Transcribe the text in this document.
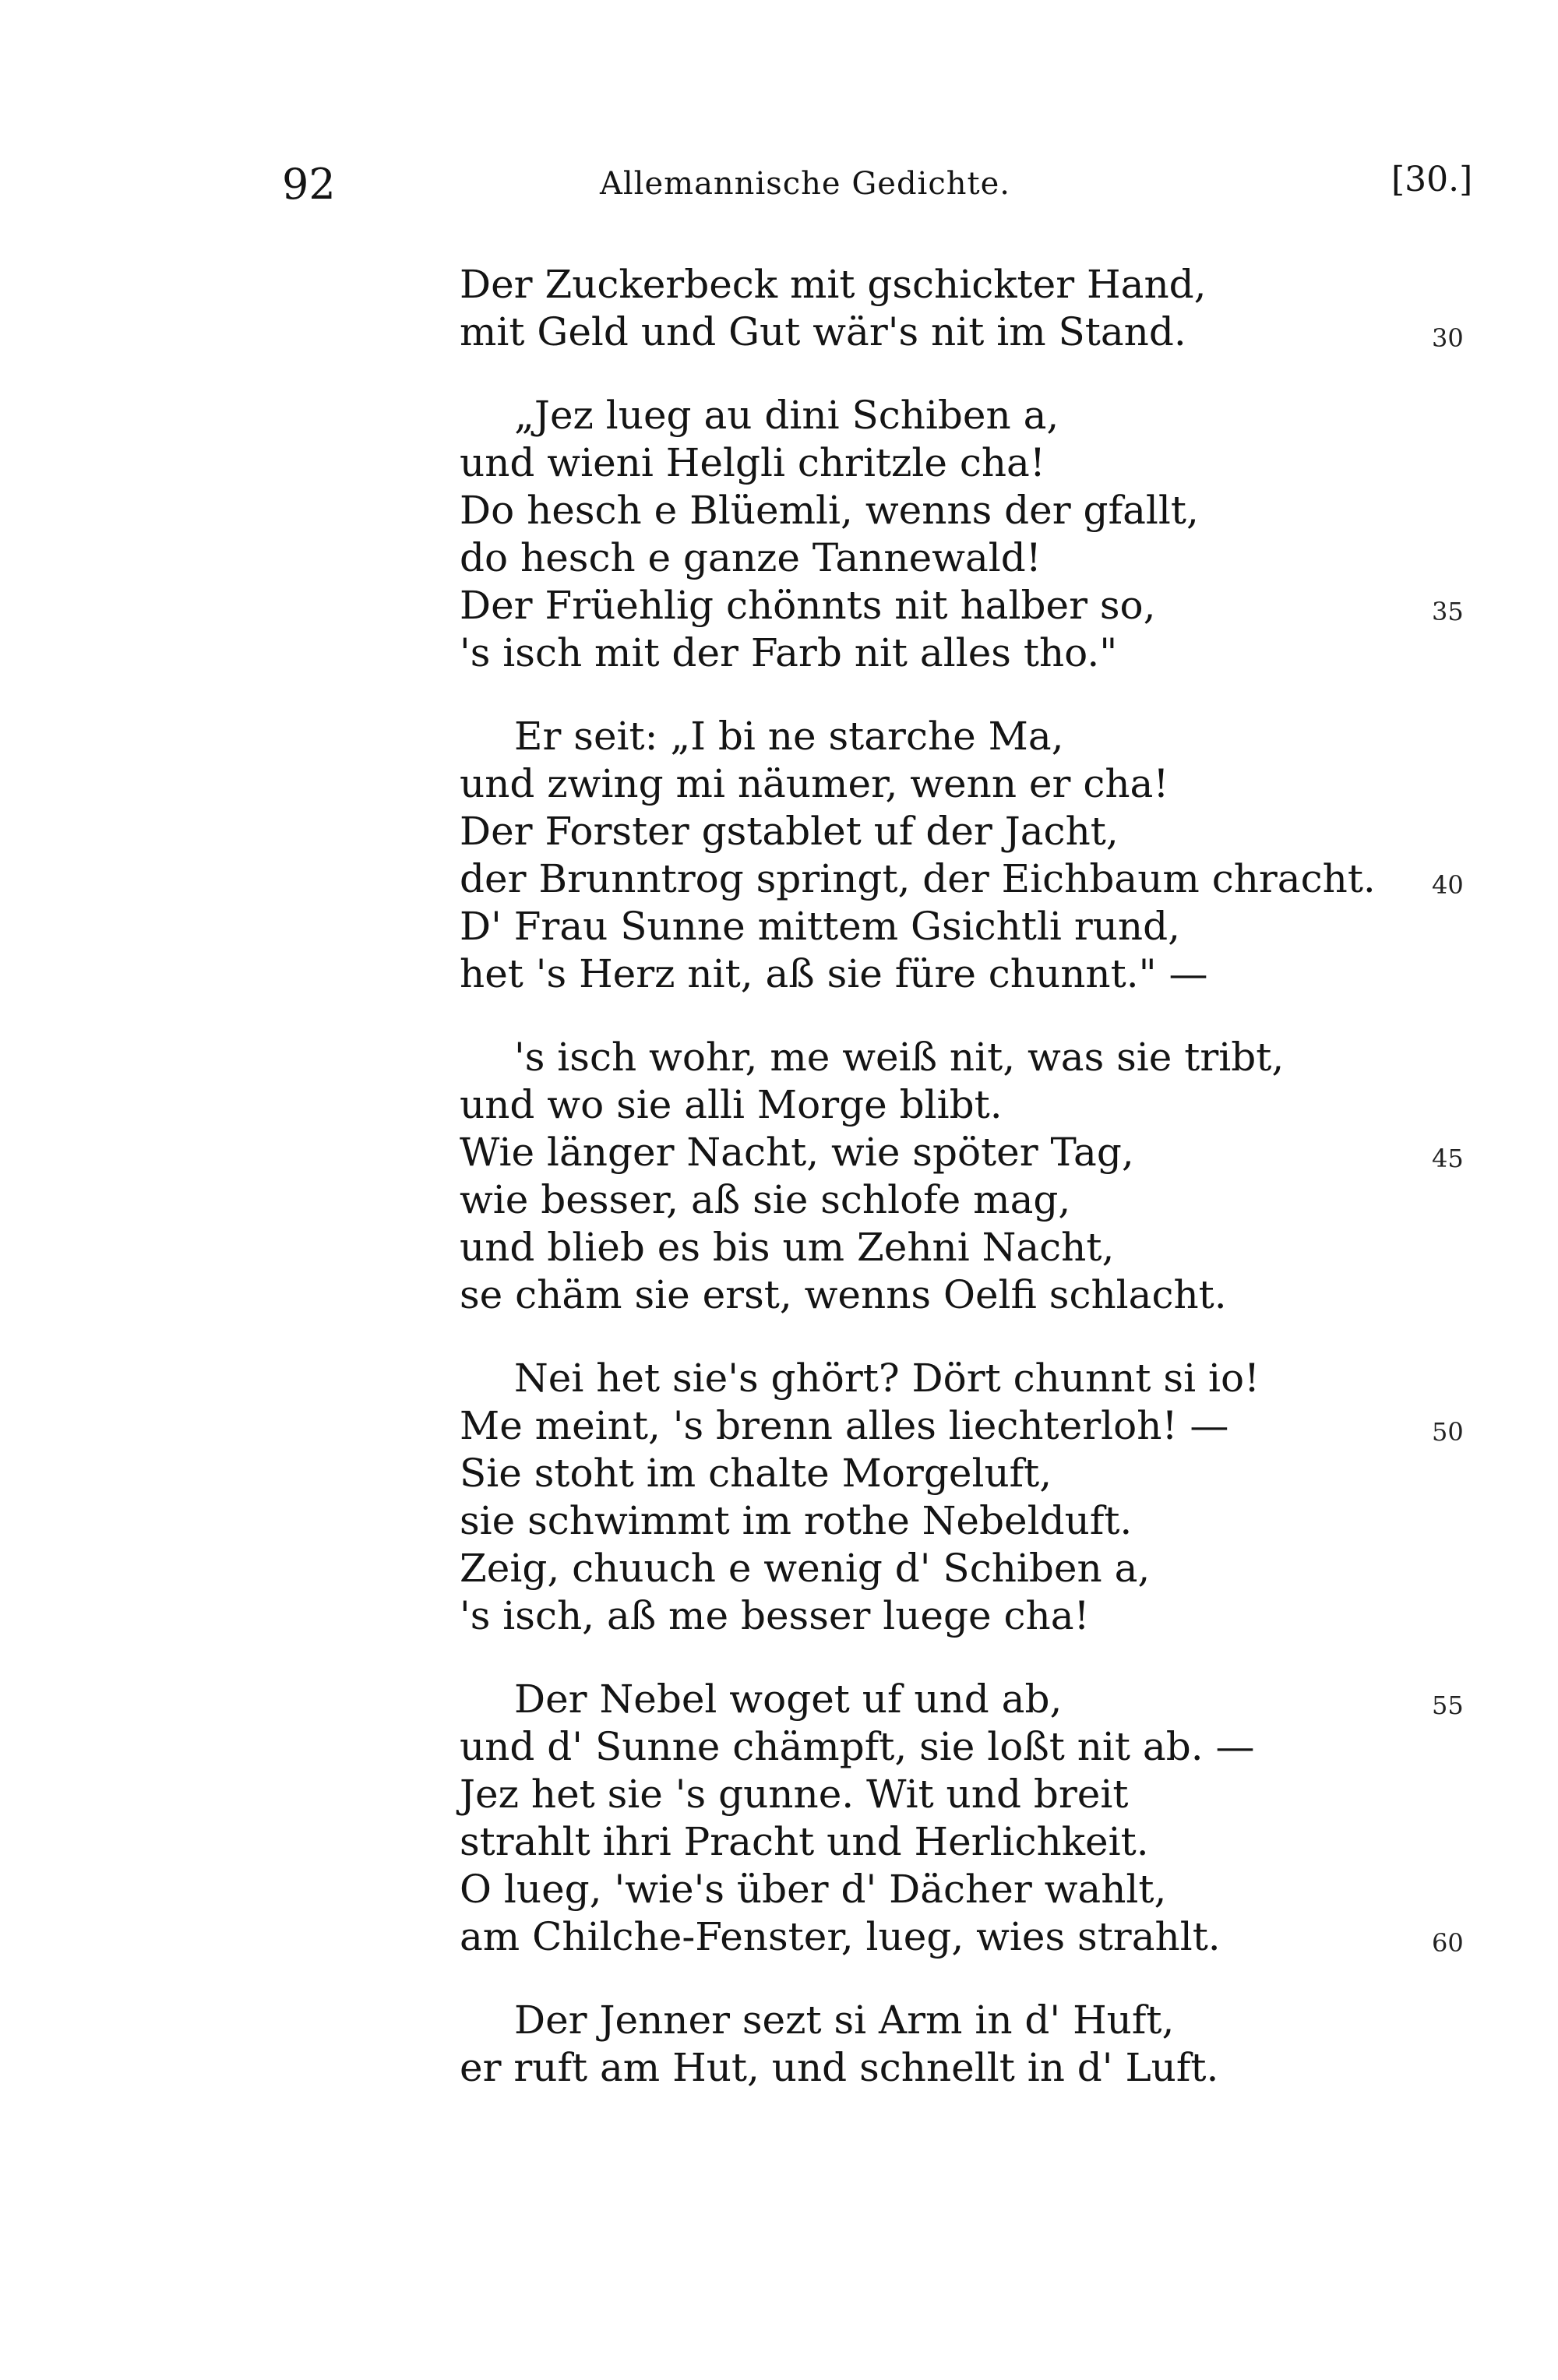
92	Allemannische Gedichte.	[30.]
Der Zuckerbeck mit gschickter Hand,
mit Geld und Gut wär's nit im Stand.	30
„Jez lueg au dini Schiben a,
und wieni Helgli chritzle cha!
Do hesch e Blüemli, wenns der gfallt,
do hesch e ganze Tannewald!
Der Früehlig chönnts nit halber so,	35
's isch mit der Farb nit alles tho."
Er seit: „I bi ne starche Ma,
und zwing mi näumer, wenn er cha!
Der Forster gstablet uf der Jacht,
der Brunntrog springt, der Eichbaum chracht. 40
D' Frau Sunne mittem Gsichtli rund,
het 's Herz nit, aß sie füre chunnt." —
's isch wohr, me weiß nit, was sie tribt,
und wo sie alli Morge blibt.
Wie länger Nacht, wie spöter Tag,	45
wie besser, aß sie schlofe mag,
und blieb es bis um Zehni Nacht,
se chäm sie erst, wenns Oelfi schlacht.
Nei het sie's ghört? Dört chunnt si io!
Me meint, 's brenn alles liechterloh! —	50
Sie stoht im chalte Morgeluft,
sie schwimmt im rothe Nebelduft.
Zeig, chuuch e wenig d' Schiben a,
's isch, aß me besser luege cha!
Der Nebel woget uf und ab,	55
und d' Sunne chämpft, sie loßt nit ab. —
Jez het sie 's gunne. Wit und breit
strahlt ihri Pracht und Herlichkeit.
O lueg, 'wie's über d' Dächer wahlt,
am Chilche-Fenster, lueg, wies strahlt.	60
Der Jenner sezt si Arm in d' Huft,
er ruft am Hut, und schnellt in d' Luft.
